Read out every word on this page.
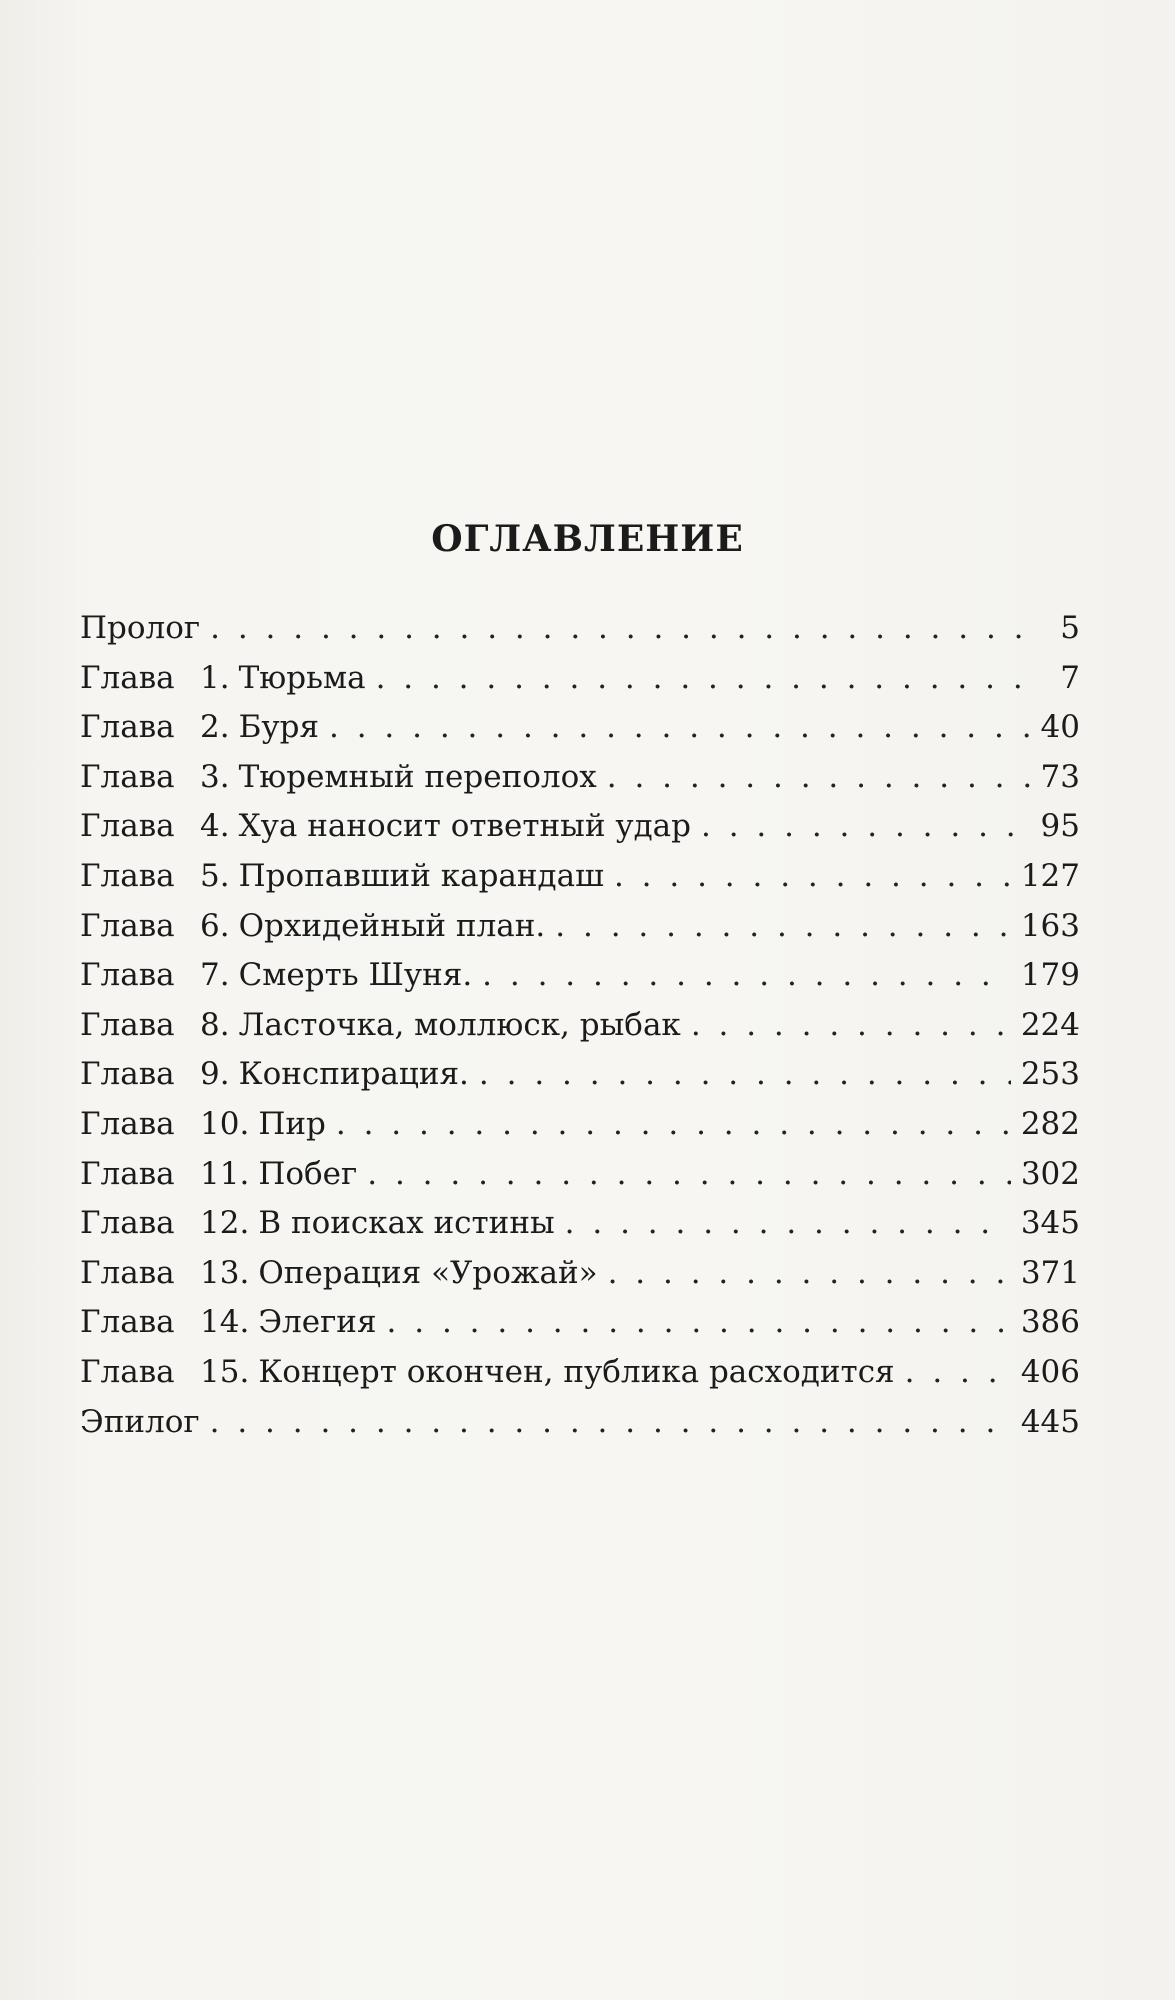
ОГЛАВЛЕНИЕ
Пролог . . .	5
Глава 1. Тюрьма . . .	7
Глава 2. Буря . . .	40
Глава 3. Тюремный переполох . . .	73
Глава 4. Хуа наносит ответный удар . . .	95
Глава 5. Пропавший карандаш . . .	127
Глава 6. Орхидейный план. . . .	163
Глава 7. Смерть Шуня. . . .	179
Глава 8. Ласточка, моллюск, рыбак . . .	224
Глава 9. Конспирация. . . .	253
Глава 10. Пир . . .	282
Глава 11. Побег . . .	302
Глава 12. В поисках истины . . .	345
Глава 13. Операция «Урожай» . . .	371
Глава 14. Элегия . . .	386
Глава 15. Концерт окончен, публика расходится . . .	406
Эпилог . . .	445
